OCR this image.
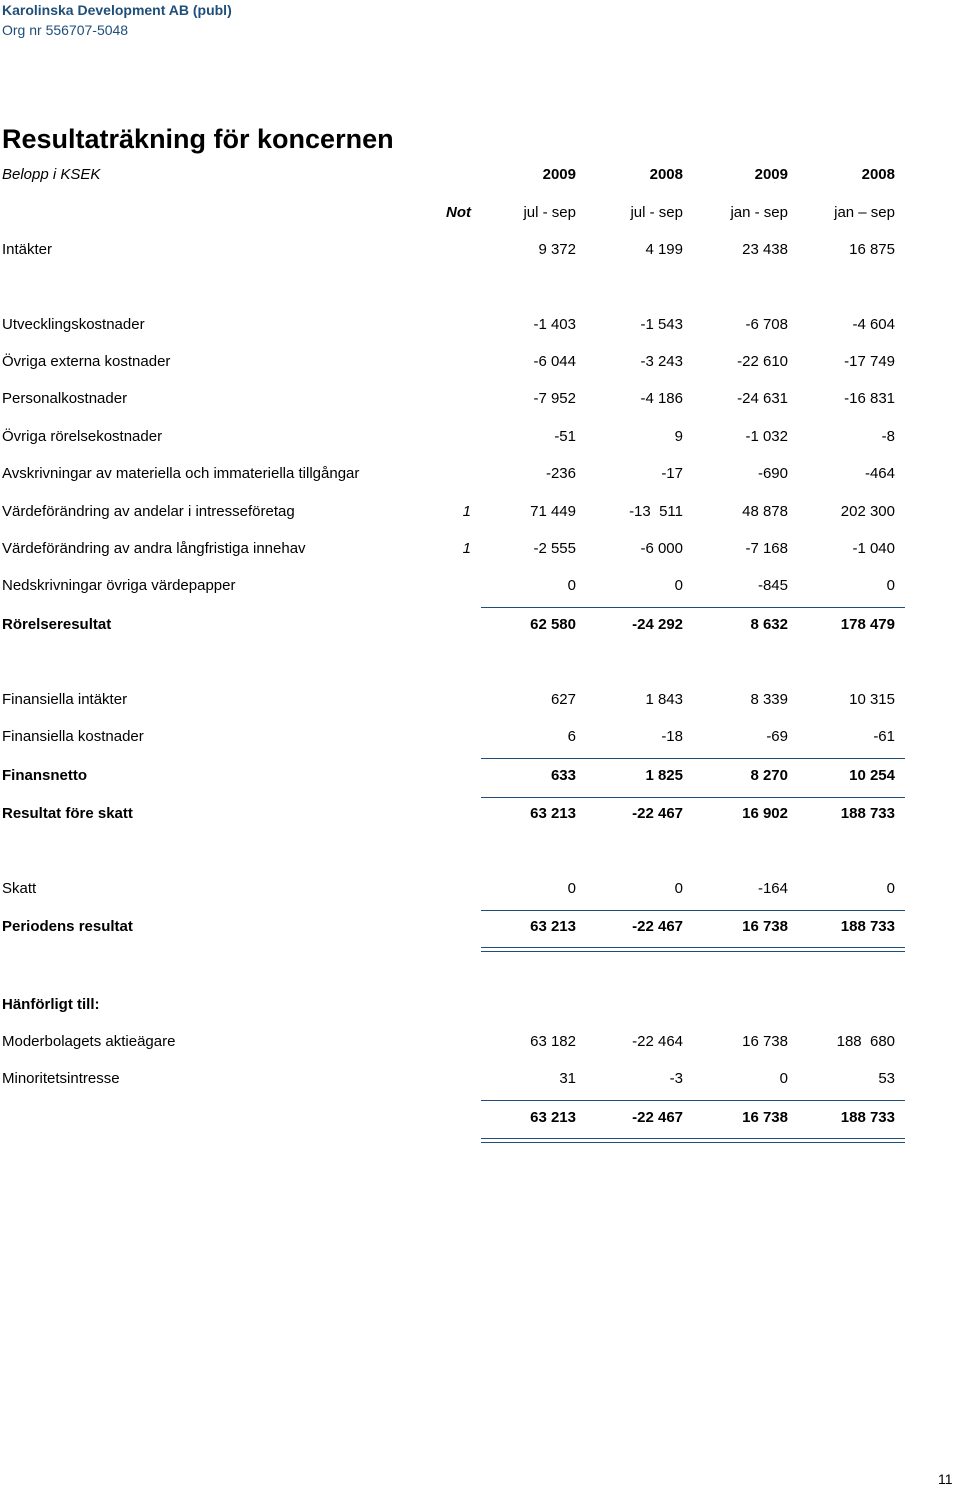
Karolinska Development AB (publ)
Org nr 556707-5048
Resultaträkning för koncernen
Belopp i KSEK	2009	2008	2009	2008
Not	jul - sep	jul - sep	jan - sep	jan – sep
Intäkter	9 372	4 199	23 438	16 875
Utvecklingskostnader	-1 403	-1 543	-6 708	-4 604
Övriga externa kostnader	-6 044	-3 243	-22 610	-17 749
Personalkostnader	-7 952	-4 186	-24 631	-16 831
Övriga rörelsekostnader	-51	9	-1 032	-8
Avskrivningar av materiella och immateriella tillgångar	-236	-17	-690	-464
Värdeförändring av andelar i intresseföretag	1	71 449	-13  511	48 878	202 300
Värdeförändring av andra långfristiga innehav	1	-2 555	-6 000	-7 168	-1 040
Nedskrivningar övriga värdepapper	0	0	-845	0
Rörelseresultat	62 580	-24 292	8 632	178 479
Finansiella intäkter	627	1 843	8 339	10 315
Finansiella kostnader	6	-18	-69	-61
Finansnetto	633	1 825	8 270	10 254
Resultat före skatt	63 213	-22 467	16 902	188 733
Skatt	0	0	-164	0
Periodens resultat	63 213	-22 467	16 738	188 733
Hänförligt till:
Moderbolagets aktieägare	63 182	-22 464	16 738	188  680
Minoritetsintresse	31	-3	0	53
63 213	-22 467	16 738	188 733
11
